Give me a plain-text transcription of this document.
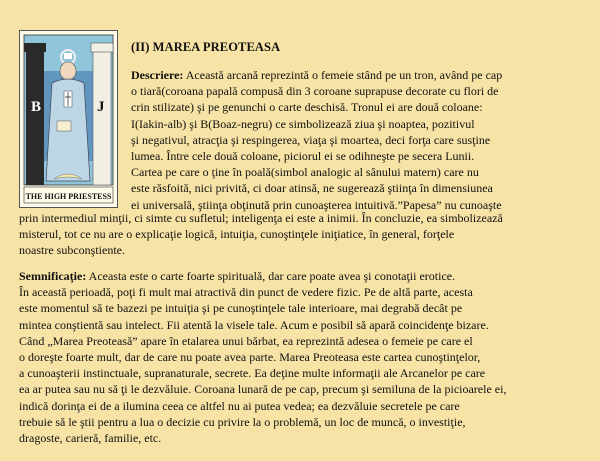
B	J
THE HIGH PRIESTESS

(II) MAREA PREOTEASA

Descriere: Această arcană reprezintă o femeie stând pe un tron, având pe cap
o tiară(coroana papală compusă din 3 coroane suprapuse decorate cu flori de
crin stilizate) şi pe genunchi o carte deschisă. Tronul ei are două coloane:
I(Iakin-alb) şi B(Boaz-negru) ce simbolizează ziua şi noaptea, pozitivul
şi negativul, atracţia şi respingerea, viaţa şi moartea, deci forţa care susţine
lumea. Între cele două coloane, piciorul ei se odihneşte pe secera Lunii.
Cartea pe care o ţine în poală(simbol analogic al sânului matern) care nu
este răsfoită, nici privită, ci doar atinsă, ne sugerează ştiinţa în dimensiunea
ei universală, ştiinţa obţinută prin cunoaşterea intuitivă.”Papesa” nu cunoaşte

prin intermediul minţii, ci simte cu sufletul; inteligenţa ei este a inimii. În concluzie, ea simbolizează
misterul, tot ce nu are o explicaţie logică, intuiţia, cunoştinţele iniţiatice, în general, forţele
noastre subconştiente.

Semnificaţie: Aceasta este o carte foarte spirituală, dar care poate avea şi conotaţii erotice.
În această perioadă, poţi fi mult mai atractivă din punct de vedere fizic. Pe de altă parte, acesta
este momentul să te bazezi pe intuiţia şi pe cunoştinţele tale interioare, mai degrabă decât pe
mintea conştientă sau intelect. Fii atentă la visele tale. Acum e posibil să apară coincidenţe bizare.
Când „Marea Preoteasă” apare în etalarea unui bărbat, ea reprezintă adesea o femeie pe care el
o doreşte foarte mult, dar de care nu poate avea parte. Marea Preoteasa este cartea cunoştinţelor,
a cunoaşterii instinctuale, supranaturale, secrete. Ea deţine multe informaţii ale Arcanelor pe care
ea ar putea sau nu să ţi le dezvăluie. Coroana lunară de pe cap, precum şi semiluna de la picioarele ei,
indică dorinţa ei de a ilumina ceea ce altfel nu ai putea vedea; ea dezvăluie secretele pe care
trebuie să le ştii pentru a lua o decizie cu privire la o problemă, un loc de muncă, o investiţie,
dragoste, carieră, familie, etc.
